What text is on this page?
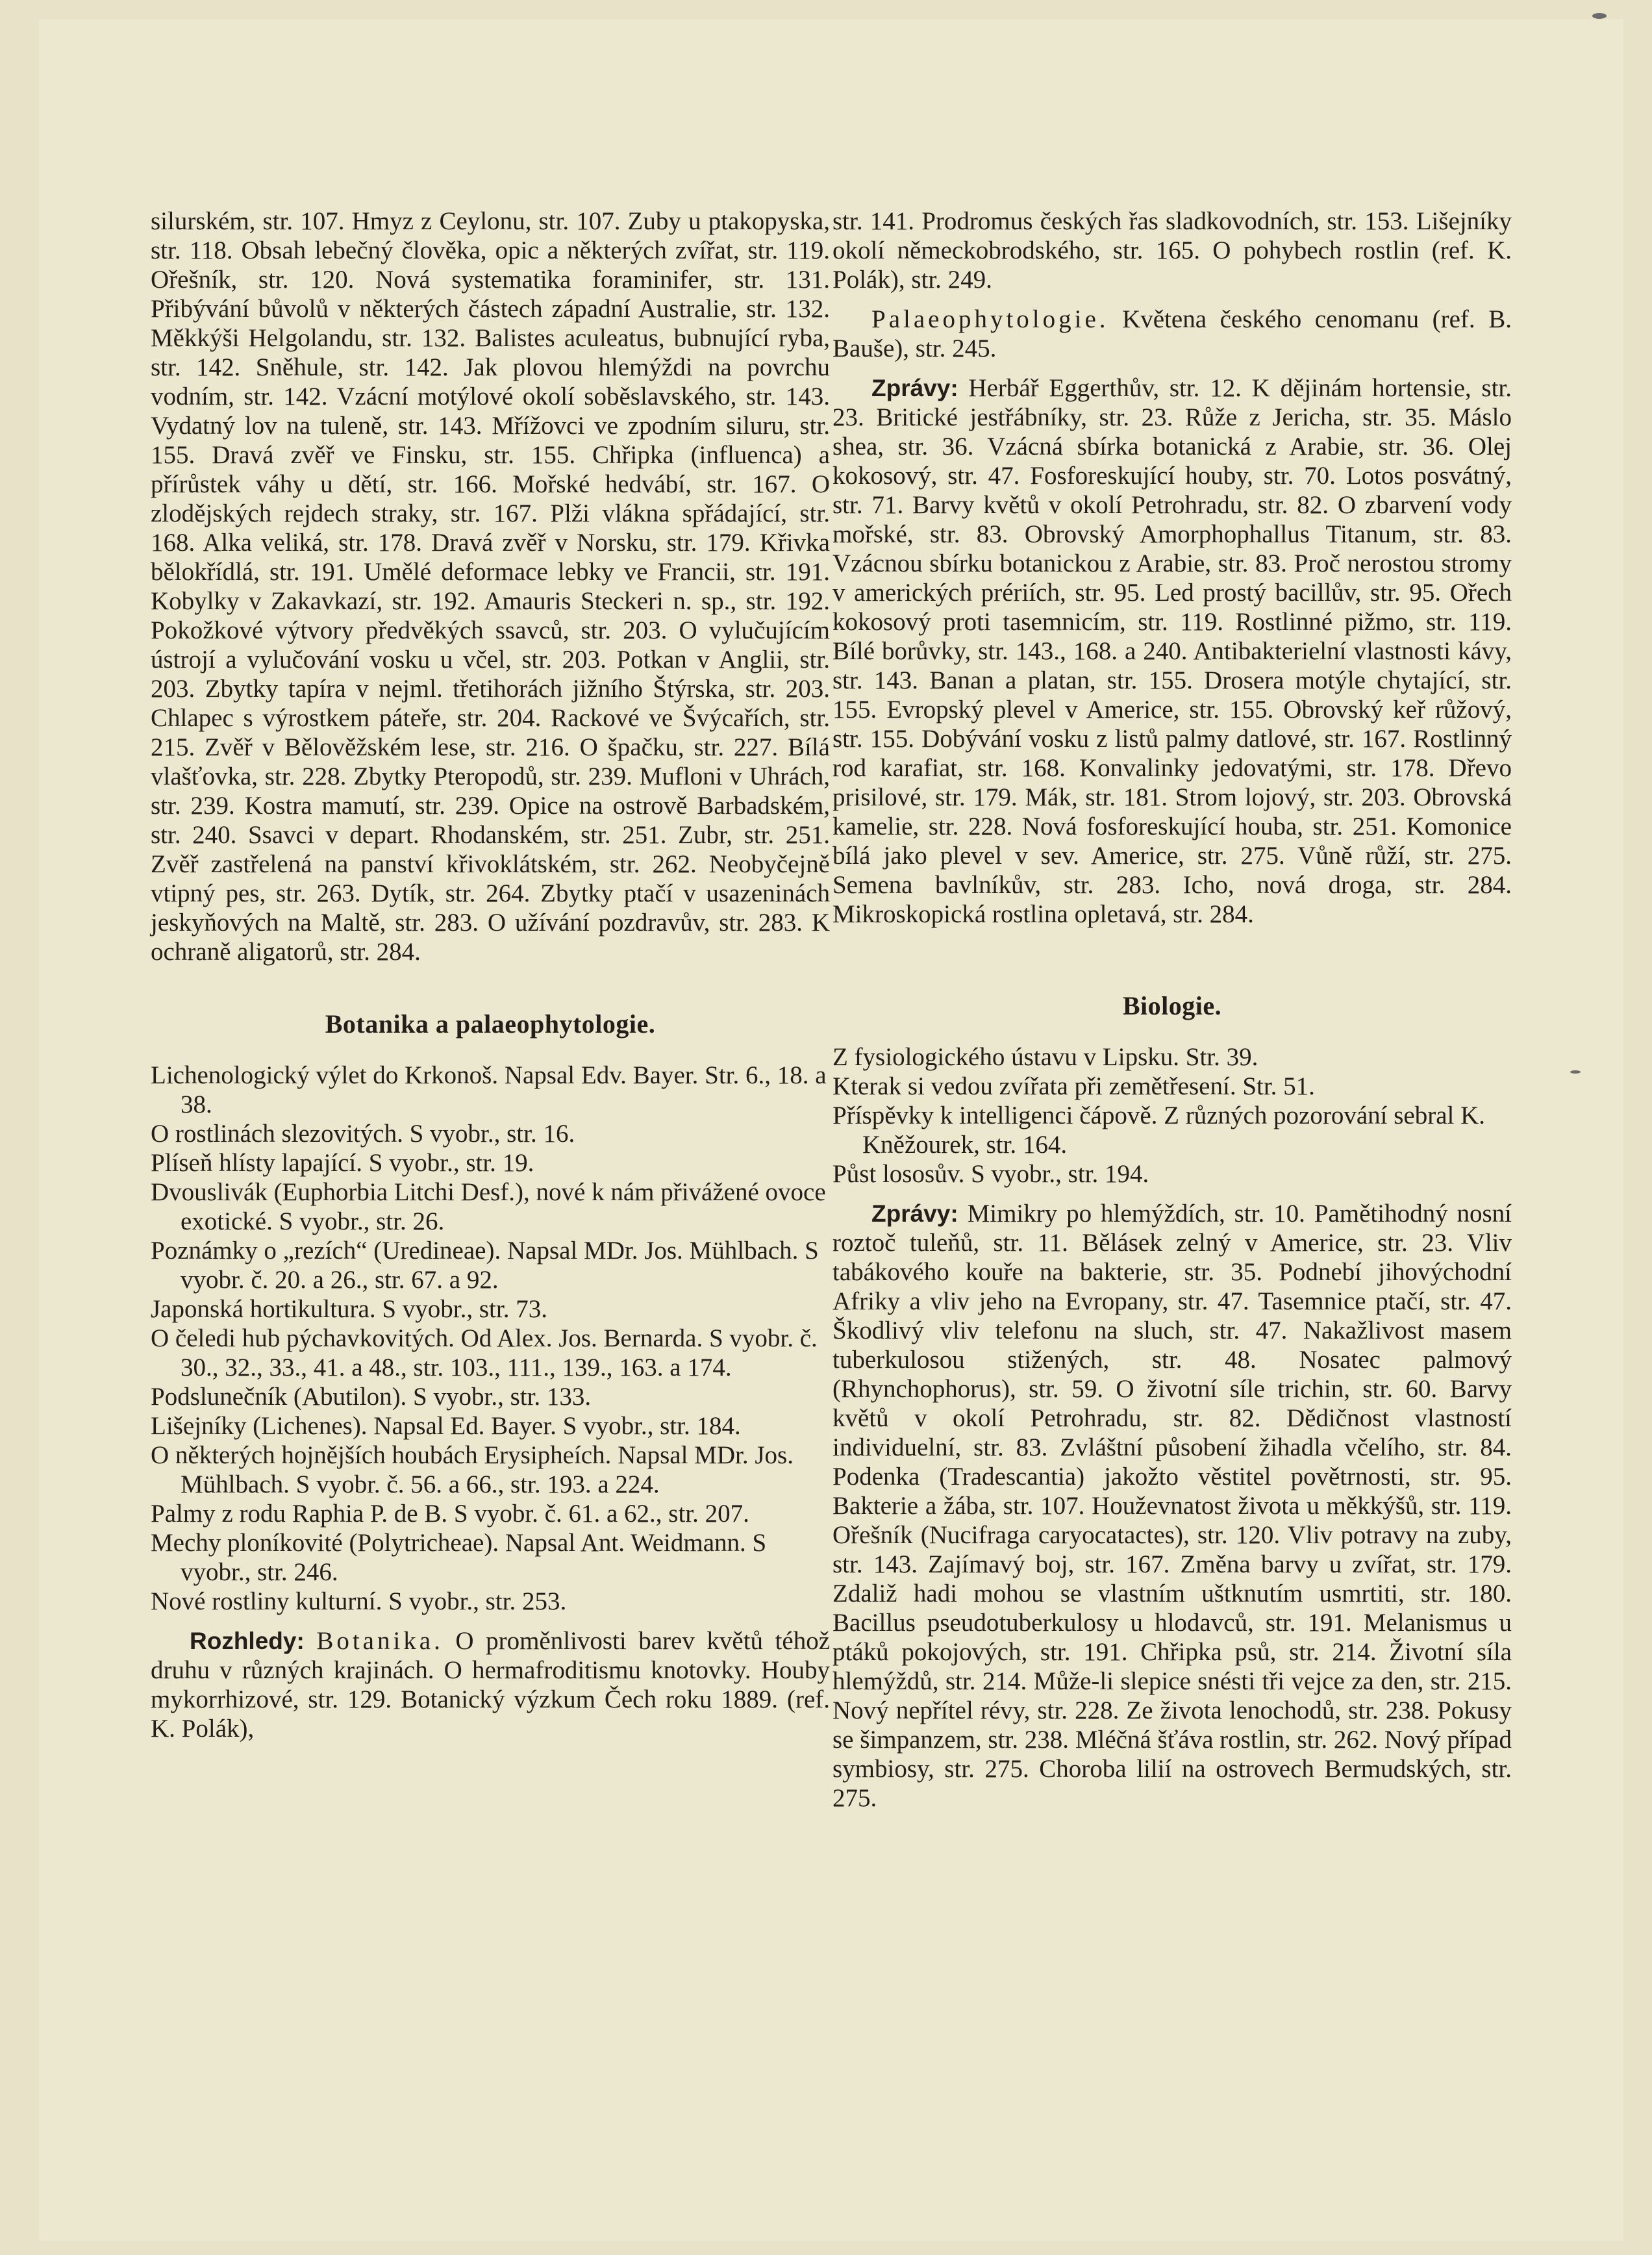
silurském, str. 107. Hmyz z Ceylonu, str. 107. Zuby u ptakopyska, str. 118. Obsah lebečný člověka, opic a některých zvířat, str. 119. Ořešník, str. 120. Nová systematika foraminifer, str. 131. Přibývání bůvolů v některých částech západní Australie, str. 132. Měkkýši Helgolandu, str. 132. Balistes aculeatus, bubnující ryba, str. 142. Sněhule, str. 142. Jak plovou hlemýždi na povrchu vodním, str. 142. Vzácní motýlové okolí soběslavského, str. 143. Vydatný lov na tuleně, str. 143. Mřížovci ve zpodním siluru, str. 155. Dravá zvěř ve Finsku, str. 155. Chřipka (influenca) a přírůstek váhy u dětí, str. 166. Mořské hedvábí, str. 167. O zlodějských rejdech straky, str. 167. Plži vlákna spřádající, str. 168. Alka veliká, str. 178. Dravá zvěř v Norsku, str. 179. Křivka bělokřídlá, str. 191. Umělé deformace lebky ve Francii, str. 191. Kobylky v Zakavkazí, str. 192. Amauris Steckeri n. sp., str. 192. Pokožkové výtvory předvěkých ssavců, str. 203. O vylučujícím ústrojí a vylučování vosku u včel, str. 203. Potkan v Anglii, str. 203. Zbytky tapíra v nejml. třetihorách jižního Štýrska, str. 203. Chlapec s výrostkem páteře, str. 204. Rackové ve Švýcařích, str. 215. Zvěř v Bělověžském lese, str. 216. O špačku, str. 227. Bílá vlašťovka, str. 228. Zbytky Pteropodů, str. 239. Mufloni v Uhrách, str. 239. Kostra mamutí, str. 239. Opice na ostrově Barbadském, str. 240. Ssavci v depart. Rhodanském, str. 251. Zubr, str. 251. Zvěř zastřelená na panství křivoklátském, str. 262. Neobyčejně vtipný pes, str. 263. Dytík, str. 264. Zbytky ptačí v usazeninách jeskyňových na Maltě, str. 283. O užívání pozdravův, str. 283. K ochraně aligatorů, str. 284.

Botanika a palaeophytologie.

Lichenologický výlet do Krkonoš. Napsal Edv. Bayer. Str. 6., 18. a 38.

O rostlinách slezovitých. S vyobr., str. 16.

Plíseň hlísty lapající. S vyobr., str. 19.

Dvouslivák (Euphorbia Litchi Desf.), nové k nám přivážené ovoce exotické. S vyobr., str. 26.

Poznámky o „rezích“ (Uredineae). Napsal MDr. Jos. Mühlbach. S vyobr. č. 20. a 26., str. 67. a 92.

Japonská hortikultura. S vyobr., str. 73.

O čeledi hub pýchavkovitých. Od Alex. Jos. Bernarda. S vyobr. č. 30., 32., 33., 41. a 48., str. 103., 111., 139., 163. a 174.

Podslunečník (Abutilon). S vyobr., str. 133.

Lišejníky (Lichenes). Napsal Ed. Bayer. S vyobr., str. 184.

O některých hojnějších houbách Erysipheích. Napsal MDr. Jos. Mühlbach. S vyobr. č. 56. a 66., str. 193. a 224.

Palmy z rodu Raphia P. de B. S vyobr. č. 61. a 62., str. 207.

Mechy ploníkovité (Polytricheae). Napsal Ant. Weidmann. S vyobr., str. 246.

Nové rostliny kulturní. S vyobr., str. 253.

Rozhledy: Botanika. O proměnlivosti barev květů téhož druhu v různých krajinách. O hermafroditismu knotovky. Houby mykorrhizové, str. 129. Botanický výzkum Čech roku 1889. (ref. K. Polák),

str. 141. Prodromus českých řas sladkovodních, str. 153. Lišejníky okolí německobrodského, str. 165. O pohybech rostlin (ref. K. Polák), str. 249.

Palaeophytologie. Květena českého cenomanu (ref. B. Bauše), str. 245.

Zprávy: Herbář Eggerthův, str. 12. K dějinám hortensie, str. 23. Britické jestřábníky, str. 23. Růže z Jericha, str. 35. Máslo shea, str. 36. Vzácná sbírka botanická z Arabie, str. 36. Olej kokosový, str. 47. Fosforeskující houby, str. 70. Lotos posvátný, str. 71. Barvy květů v okolí Petrohradu, str. 82. O zbarvení vody mořské, str. 83. Obrovský Amorphophallus Titanum, str. 83. Vzácnou sbírku botanickou z Arabie, str. 83. Proč nerostou stromy v amerických prériích, str. 95. Led prostý bacillův, str. 95. Ořech kokosový proti tasemnicím, str. 119. Rostlinné pižmo, str. 119. Bílé borůvky, str. 143., 168. a 240. Antibakterielní vlastnosti kávy, str. 143. Banan a platan, str. 155. Drosera motýle chytající, str. 155. Evropský plevel v Americe, str. 155. Obrovský keř růžový, str. 155. Dobývání vosku z listů palmy datlové, str. 167. Rostlinný rod karafiat, str. 168. Konvalinky jedovatými, str. 178. Dřevo prisilové, str. 179. Mák, str. 181. Strom lojový, str. 203. Obrovská kamelie, str. 228. Nová fosforeskující houba, str. 251. Komonice bílá jako plevel v sev. Americe, str. 275. Vůně růží, str. 275. Semena bavlníkův, str. 283. Icho, nová droga, str. 284. Mikroskopická rostlina opletavá, str. 284.

Biologie.

Z fysiologického ústavu v Lipsku. Str. 39.

Kterak si vedou zvířata při zemětřesení. Str. 51.

Příspěvky k intelligenci čápově. Z různých pozorování sebral K. Kněžourek, str. 164.

Půst lososův. S vyobr., str. 194.

Zprávy: Mimikry po hlemýždích, str. 10. Pamětihodný nosní roztoč tuleňů, str. 11. Bělásek zelný v Americe, str. 23. Vliv tabákového kouře na bakterie, str. 35. Podnebí jihovýchodní Afriky a vliv jeho na Evropany, str. 47. Tasemnice ptačí, str. 47. Škodlivý vliv telefonu na sluch, str. 47. Nakažlivost masem tuberkulosou stižených, str. 48. Nosatec palmový (Rhynchophorus), str. 59. O životní síle trichin, str. 60. Barvy květů v okolí Petrohradu, str. 82. Dědičnost vlastností individuelní, str. 83. Zvláštní působení žihadla včelího, str. 84. Podenka (Tradescantia) jakožto věstitel povětrnosti, str. 95. Bakterie a žába, str. 107. Houževnatost života u měkkýšů, str. 119. Ořešník (Nucifraga caryocatactes), str. 120. Vliv potravy na zuby, str. 143. Zajímavý boj, str. 167. Změna barvy u zvířat, str. 179. Zdaliž hadi mohou se vlastním uštknutím usmrtiti, str. 180. Bacillus pseudotuberkulosy u hlodavců, str. 191. Melanismus u ptáků pokojových, str. 191. Chřipka psů, str. 214. Životní síla hlemýždů, str. 214. Může-li slepice snésti tři vejce za den, str. 215. Nový nepřítel révy, str. 228. Ze života lenochodů, str. 238. Pokusy se šimpanzem, str. 238. Mléčná šťáva rostlin, str. 262. Nový případ symbiosy, str. 275. Choroba lilií na ostrovech Bermudských, str. 275.
